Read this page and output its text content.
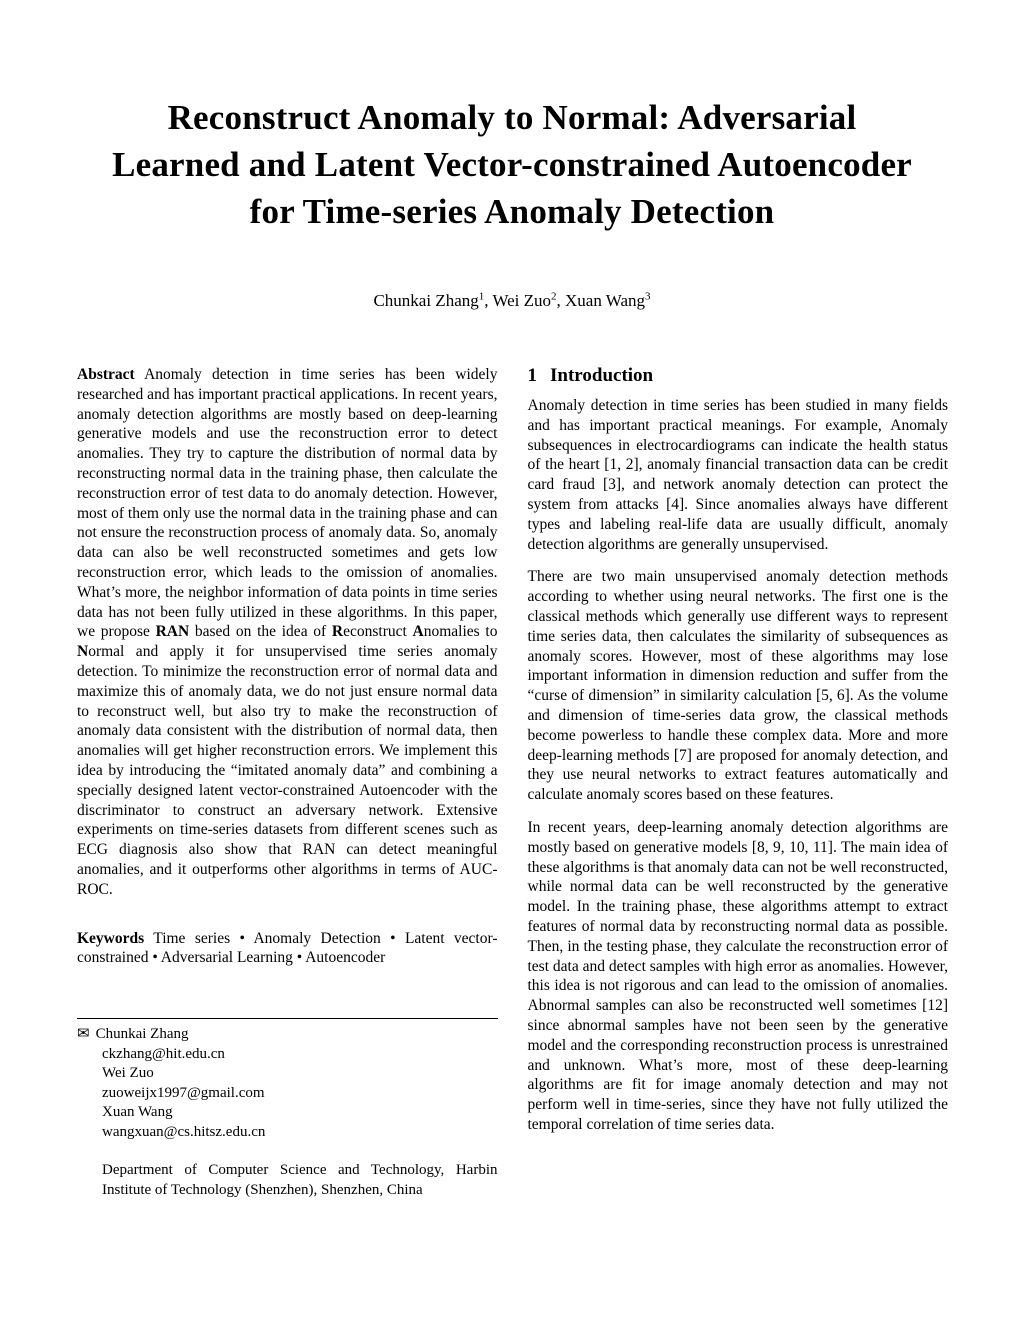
Reconstruct Anomaly to Normal: Adversarial
Learned and Latent Vector-constrained Autoencoder
for Time-series Anomaly Detection
Chunkai Zhang$^1$, Wei Zuo$^2$, Xuan Wang$^3$

Abstract Anomaly detection in time series has been widely researched and has important practical applications. In recent years, anomaly detection algorithms are mostly based on deep-learning generative models and use the reconstruction error to detect anomalies. They try to capture the distribution of normal data by reconstructing normal data in the training phase, then calculate the reconstruction error of test data to do anomaly detection. However, most of them only use the normal data in the training phase and can not ensure the reconstruction process of anomaly data. So, anomaly data can also be well reconstructed sometimes and gets low reconstruction error, which leads to the omission of anomalies. What’s more, the neighbor information of data points in time series data has not been fully utilized in these algorithms. In this paper, we propose RAN based on the idea of Reconstruct Anomalies to Normal and apply it for unsupervised time series anomaly detection. To minimize the reconstruction error of normal data and maximize this of anomaly data, we do not just ensure normal data to reconstruct well, but also try to make the reconstruction of anomaly data consistent with the distribution of normal data, then anomalies will get higher reconstruction errors. We implement this idea by introducing the “imitated anomaly data” and combining a specially designed latent vector-constrained Autoencoder with the discriminator to construct an adversary network. Extensive experiments on time-series datasets from different scenes such as ECG diagnosis also show that RAN can detect meaningful anomalies, and it outperforms other algorithms in terms of AUC-ROC.

Keywords Time series • Anomaly Detection • Latent vector-constrained • Adversarial Learning • Autoencoder

✉ Chunkai Zhang
ckzhang@hit.edu.cn
Wei Zuo
zuoweijx1997@gmail.com
Xuan Wang
wangxuan@cs.hitsz.edu.cn

Department of Computer Science and Technology, Harbin Institute of Technology (Shenzhen), Shenzhen, China

1 Introduction

Anomaly detection in time series has been studied in many fields and has important practical meanings. For example, Anomaly subsequences in electrocardiograms can indicate the health status of the heart [1, 2], anomaly financial transaction data can be credit card fraud [3], and network anomaly detection can protect the system from attacks [4]. Since anomalies always have different types and labeling real-life data are usually difficult, anomaly detection algorithms are generally unsupervised.

There are two main unsupervised anomaly detection methods according to whether using neural networks. The first one is the classical methods which generally use different ways to represent time series data, then calculates the similarity of subsequences as anomaly scores. However, most of these algorithms may lose important information in dimension reduction and suffer from the “curse of dimension” in similarity calculation [5, 6]. As the volume and dimension of time-series data grow, the classical methods become powerless to handle these complex data. More and more deep-learning methods [7] are proposed for anomaly detection, and they use neural networks to extract features automatically and calculate anomaly scores based on these features.

In recent years, deep-learning anomaly detection algorithms are mostly based on generative models [8, 9, 10, 11]. The main idea of these algorithms is that anomaly data can not be well reconstructed, while normal data can be well reconstructed by the generative model. In the training phase, these algorithms attempt to extract features of normal data by reconstructing normal data as possible. Then, in the testing phase, they calculate the reconstruction error of test data and detect samples with high error as anomalies. However, this idea is not rigorous and can lead to the omission of anomalies. Abnormal samples can also be reconstructed well sometimes [12] since abnormal samples have not been seen by the generative model and the corresponding reconstruction process is unrestrained and unknown. What’s more, most of these deep-learning algorithms are fit for image anomaly detection and may not perform well in time-series, since they have not fully utilized the temporal correlation of time series data.
